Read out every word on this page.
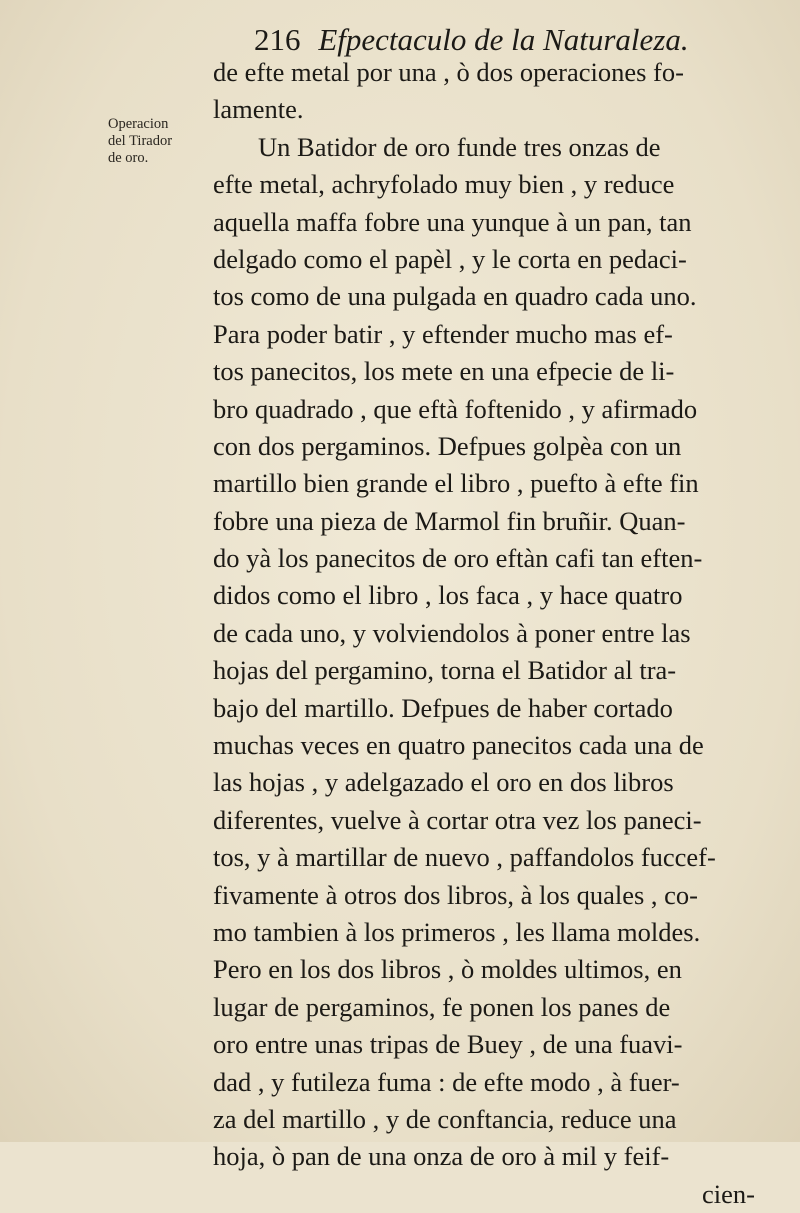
216 Efpectaculo de la Naturaleza.
Operacion
del Tirador
de oro.
de efte metal por una , ò dos operaciones fo-
lamente.
Un Batidor de oro funde tres onzas de
efte metal, achryfolado muy bien , y reduce
aquella maffa fobre una yunque à un pan, tan
delgado como el papèl , y le corta en pedaci-
tos como de una pulgada en quadro cada uno.
Para poder batir , y eftender mucho mas ef-
tos panecitos, los mete en una efpecie de li-
bro quadrado , que eftà foftenido , y afirmado
con dos pergaminos. Defpues golpèa con un
martillo bien grande el libro , puefto à efte fin
fobre una pieza de Marmol fin bruñir. Quan-
do yà los panecitos de oro eftàn cafi tan eften-
didos como el libro , los faca , y hace quatro
de cada uno, y volviendolos à poner entre las
hojas del pergamino, torna el Batidor al tra-
bajo del martillo. Defpues de haber cortado
muchas veces en quatro panecitos cada una de
las hojas , y adelgazado el oro en dos libros
diferentes, vuelve à cortar otra vez los paneci-
tos, y à martillar de nuevo , paffandolos fuccef-
fivamente à otros dos libros, à los quales , co-
mo tambien à los primeros , les llama moldes.
Pero en los dos libros , ò moldes ultimos, en
lugar de pergaminos, fe ponen los panes de
oro entre unas tripas de Buey , de una fuavi-
dad , y futileza fuma : de efte modo , à fuer-
za del martillo , y de conftancia, reduce una
hoja, ò pan de una onza de oro à mil y feif-
cien-
